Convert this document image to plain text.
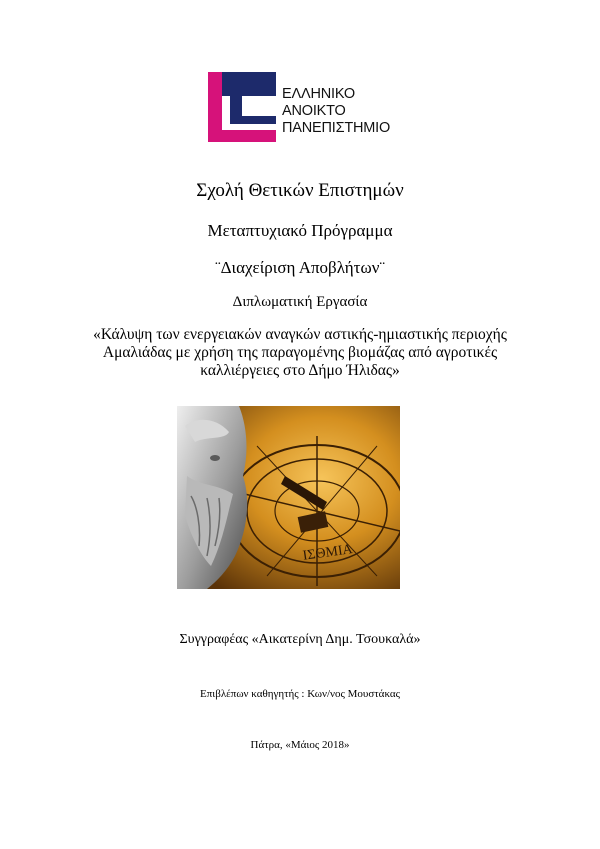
ΕΛΛΗΝΙΚΟ
ΑΝΟΙΚΤΟ
ΠΑΝΕΠΙΣΤΗΜΙΟ
Σχολή Θετικών Επιστημών
Μεταπτυχιακό Πρόγραμμα
¨Διαχείριση Αποβλήτων¨
Διπλωματική Εργασία
«Κάλυψη των ενεργειακών αναγκών αστικής-ημιαστικής περιοχής
Αμαλιάδας με χρήση της παραγομένης βιομάζας από αγροτικές
καλλιέργειες στο Δήμο Ήλιδας»
ΙΣΘΜΙΑ
Συγγραφέας «Αικατερίνη Δημ. Τσουκαλά»
Επιβλέπων καθηγητής : Κων/νος Μουστάκας
Πάτρα, «Μάιος 2018»
